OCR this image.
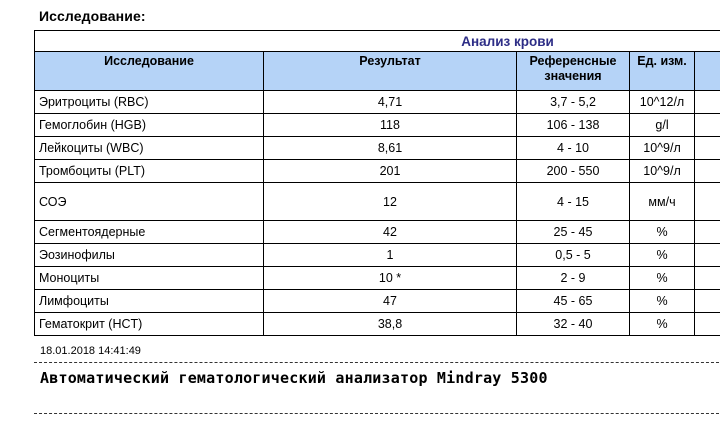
Исследование:
Анализ крови				
Исследование	Результат	Референсные значения	Ед. изм.	
Эритроциты (RBC)	4,71	3,7 - 5,2	10^12/л	
Гемоглобин (HGB)	118	106 - 138	g/l	
Лейкоциты (WBC)	8,61	4 - 10	10^9/л	
Тромбоциты (PLT)	201	200 - 550	10^9/л	
СОЭ	12	4 - 15	мм/ч	
Сегментоядерные	42	25 - 45	%	
Эозинофилы	1	0,5 - 5	%	
Моноциты	10 *	2 - 9	%	
Лимфоциты	47	45 - 65	%	
Гематокрит (HCT)	38,8	32 - 40	%	
18.01.2018 14:41:49
Автоматический гематологический анализатор Mindray 5300
